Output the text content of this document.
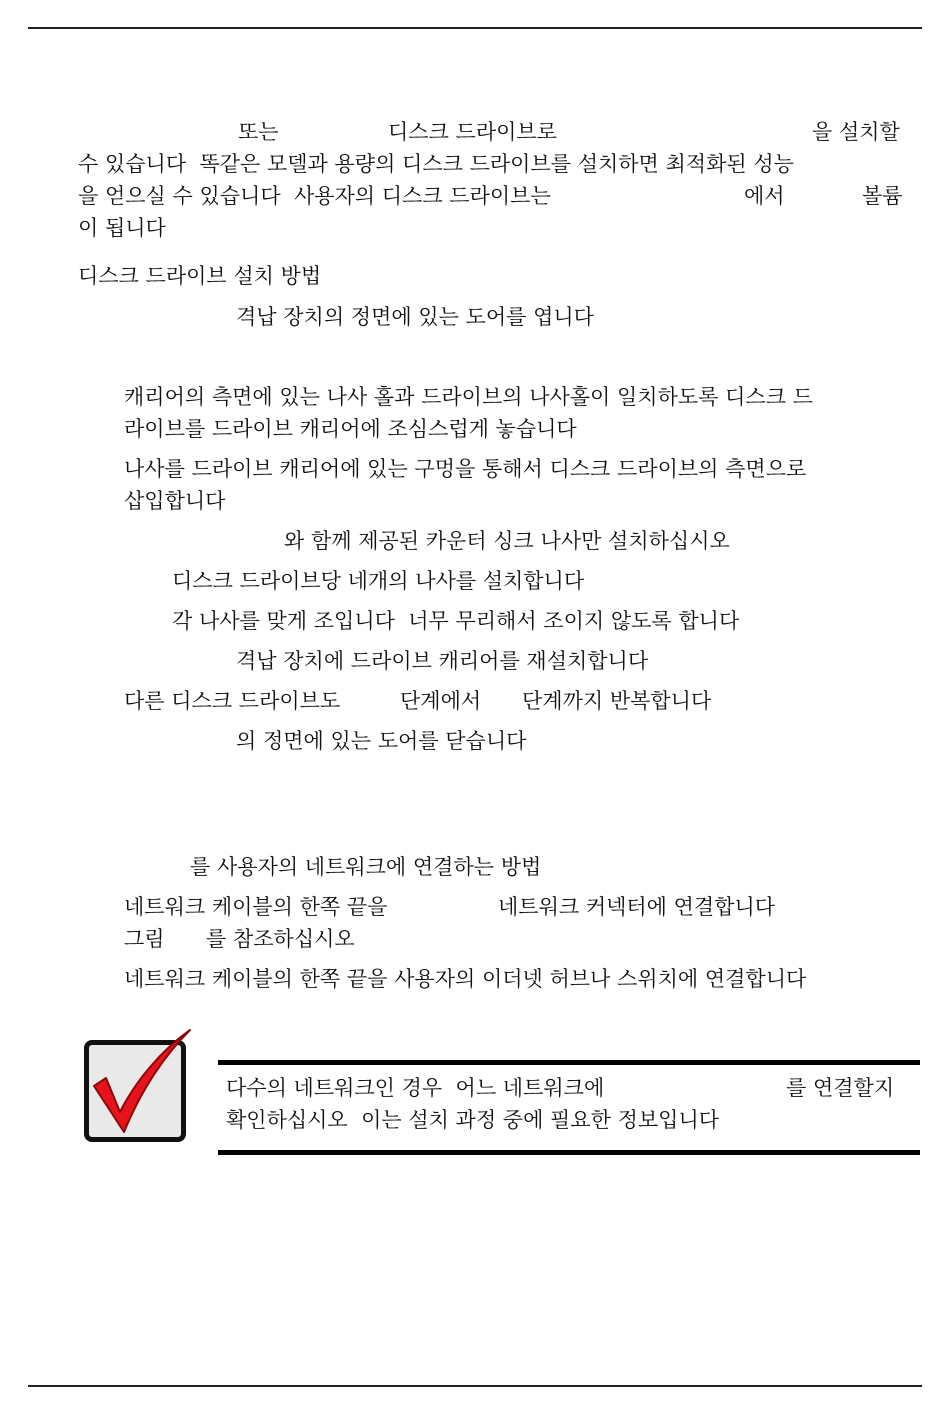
또는	디스크 드라이브로	을 설치할
수 있습니다  똑같은 모델과 용량의 디스크 드라이브를 설치하면 최적화된 성능
을 얻으실 수 있습니다  사용자의 디스크 드라이브는	에서	볼륨
이 됩니다
디스크 드라이브 설치 방법
격납 장치의 정면에 있는 도어를 엽니다
캐리어의 측면에 있는 나사 홀과 드라이브의 나사홀이 일치하도록 디스크 드
라이브를 드라이브 캐리어에 조심스럽게 놓습니다
나사를 드라이브 캐리어에 있는 구멍을 통해서 디스크 드라이브의 측면으로
삽입합니다
와 함께 제공된 카운터 싱크 나사만 설치하십시오
디스크 드라이브당 네개의 나사를 설치합니다
각 나사를 맞게 조입니다  너무 무리해서 조이지 않도록 합니다
격납 장치에 드라이브 캐리어를 재설치합니다
다른 디스크 드라이브도	단계에서 단계까지 반복합니다
의 정면에 있는 도어를 닫습니다
를 사용자의 네트워크에 연결하는 방법
네트워크 케이블의 한쪽 끝을	네트워크 커넥터에 연결합니다
그림 를 참조하십시오
네트워크 케이블의 한쪽 끝을 사용자의 이더넷 허브나 스위치에 연결합니다
다수의 네트워크인 경우  어느 네트워크에	를 연결할지
확인하십시오  이는 설치 과정 중에 필요한 정보입니다
